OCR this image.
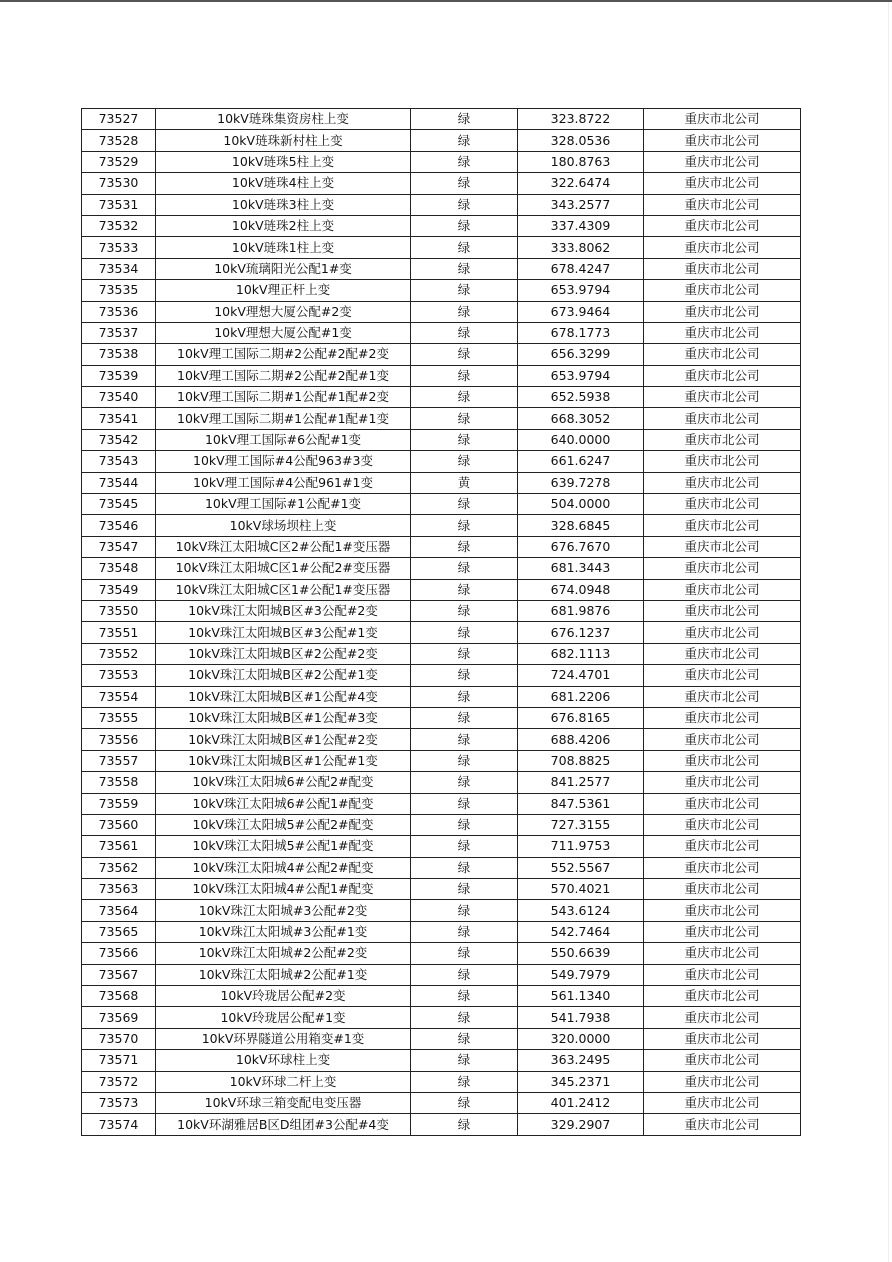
73527	10kV琏珠集资房柱上变	绿	323.8722	重庆市北公司
73528	10kV琏珠新村柱上变	绿	328.0536	重庆市北公司
73529	10kV琏珠5柱上变	绿	180.8763	重庆市北公司
73530	10kV琏珠4柱上变	绿	322.6474	重庆市北公司
73531	10kV琏珠3柱上变	绿	343.2577	重庆市北公司
73532	10kV琏珠2柱上变	绿	337.4309	重庆市北公司
73533	10kV琏珠1柱上变	绿	333.8062	重庆市北公司
73534	10kV琉璃阳光公配1#变	绿	678.4247	重庆市北公司
73535	10kV理正杆上变	绿	653.9794	重庆市北公司
73536	10kV理想大厦公配#2变	绿	673.9464	重庆市北公司
73537	10kV理想大厦公配#1变	绿	678.1773	重庆市北公司
73538	10kV理工国际二期#2公配#2配#2变	绿	656.3299	重庆市北公司
73539	10kV理工国际二期#2公配#2配#1变	绿	653.9794	重庆市北公司
73540	10kV理工国际二期#1公配#1配#2变	绿	652.5938	重庆市北公司
73541	10kV理工国际二期#1公配#1配#1变	绿	668.3052	重庆市北公司
73542	10kV理工国际#6公配#1变	绿	640.0000	重庆市北公司
73543	10kV理工国际#4公配963#3变	绿	661.6247	重庆市北公司
73544	10kV理工国际#4公配961#1变	黄	639.7278	重庆市北公司
73545	10kV理工国际#1公配#1变	绿	504.0000	重庆市北公司
73546	10kV球场坝柱上变	绿	328.6845	重庆市北公司
73547	10kV珠江太阳城C区2#公配1#变压器	绿	676.7670	重庆市北公司
73548	10kV珠江太阳城C区1#公配2#变压器	绿	681.3443	重庆市北公司
73549	10kV珠江太阳城C区1#公配1#变压器	绿	674.0948	重庆市北公司
73550	10kV珠江太阳城B区#3公配#2变	绿	681.9876	重庆市北公司
73551	10kV珠江太阳城B区#3公配#1变	绿	676.1237	重庆市北公司
73552	10kV珠江太阳城B区#2公配#2变	绿	682.1113	重庆市北公司
73553	10kV珠江太阳城B区#2公配#1变	绿	724.4701	重庆市北公司
73554	10kV珠江太阳城B区#1公配#4变	绿	681.2206	重庆市北公司
73555	10kV珠江太阳城B区#1公配#3变	绿	676.8165	重庆市北公司
73556	10kV珠江太阳城B区#1公配#2变	绿	688.4206	重庆市北公司
73557	10kV珠江太阳城B区#1公配#1变	绿	708.8825	重庆市北公司
73558	10kV珠江太阳城6#公配2#配变	绿	841.2577	重庆市北公司
73559	10kV珠江太阳城6#公配1#配变	绿	847.5361	重庆市北公司
73560	10kV珠江太阳城5#公配2#配变	绿	727.3155	重庆市北公司
73561	10kV珠江太阳城5#公配1#配变	绿	711.9753	重庆市北公司
73562	10kV珠江太阳城4#公配2#配变	绿	552.5567	重庆市北公司
73563	10kV珠江太阳城4#公配1#配变	绿	570.4021	重庆市北公司
73564	10kV珠江太阳城#3公配#2变	绿	543.6124	重庆市北公司
73565	10kV珠江太阳城#3公配#1变	绿	542.7464	重庆市北公司
73566	10kV珠江太阳城#2公配#2变	绿	550.6639	重庆市北公司
73567	10kV珠江太阳城#2公配#1变	绿	549.7979	重庆市北公司
73568	10kV玲珑居公配#2变	绿	561.1340	重庆市北公司
73569	10kV玲珑居公配#1变	绿	541.7938	重庆市北公司
73570	10kV环界隧道公用箱变#1变	绿	320.0000	重庆市北公司
73571	10kV环球柱上变	绿	363.2495	重庆市北公司
73572	10kV环球二杆上变	绿	345.2371	重庆市北公司
73573	10kV环球三箱变配电变压器	绿	401.2412	重庆市北公司
73574	10kV环湖雅居B区D组团#3公配#4变	绿	329.2907	重庆市北公司
